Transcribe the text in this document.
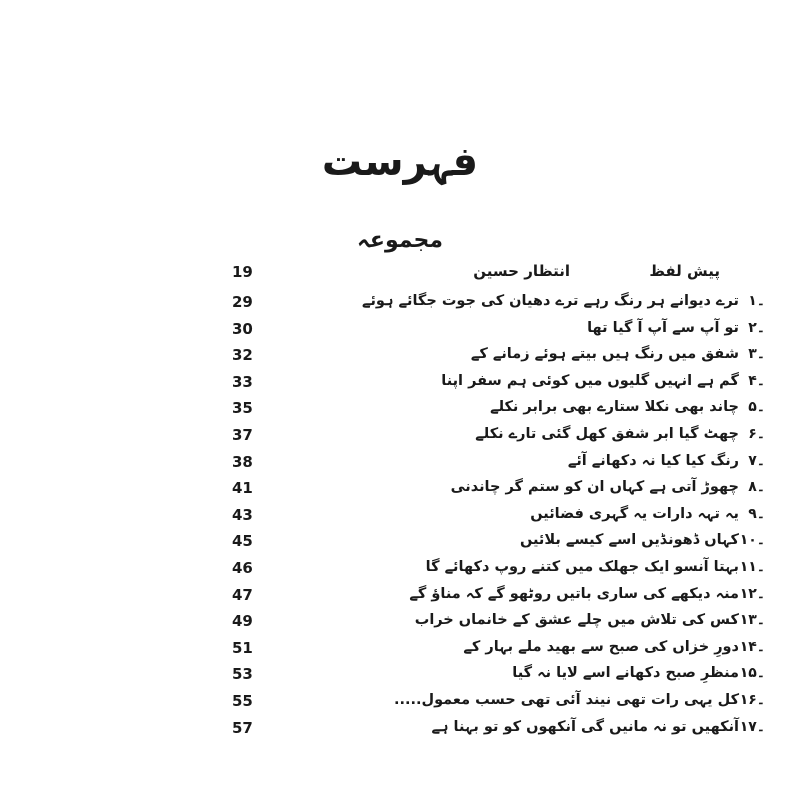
فہرست
مجموعہ
پیش لفظ
انتظار حسین
19
۱۔
ترے دیوانے ہر رنگ رہے ترے دھیان کی جوت جگائے ہوئے
29
۲۔
تو آپ سے آپ آ گیا تھا
30
۳۔
شفق میں رنگ ہیں بیتے ہوئے زمانے کے
32
۴۔
گم ہے انہیں گلیوں میں کوئی ہم سفر اپنا
33
۵۔
چاند بھی نکلا ستارے بھی برابر نکلے
35
۶۔
چھٹ گیا ابر شفق کھل گئی تارے نکلے
37
۷۔
رنگ کیا کیا نہ دکھانے آئے
38
۸۔
چھوڑ آتی ہے کہاں ان کو ستم گر چاندنی
41
۹۔
یہ تہہ دارات یہ گہری فضائیں
43
۱۰۔
کہاں ڈھونڈیں اسے کیسے بلائیں
45
۱۱۔
بہتا آنسو ایک جھلک میں کتنے روپ دکھائے گا
46
۱۲۔
منہ دیکھے کی ساری باتیں روٹھو گے کہ مناؤ گے
47
۱۳۔
کس کی تلاش میں چلے عشق کے خانماں خراب
49
۱۴۔
دورِ خزاں کی صبح سے بھید ملے بہار کے
51
۱۵۔
منظرِ صبح دکھانے اسے لایا نہ گیا
53
۱۶۔
کل یہی رات تھی نیند آئی تھی حسب معمول.....
55
۱۷۔
آنکھیں تو نہ مانیں گی آنکھوں کو تو بہنا ہے
57
